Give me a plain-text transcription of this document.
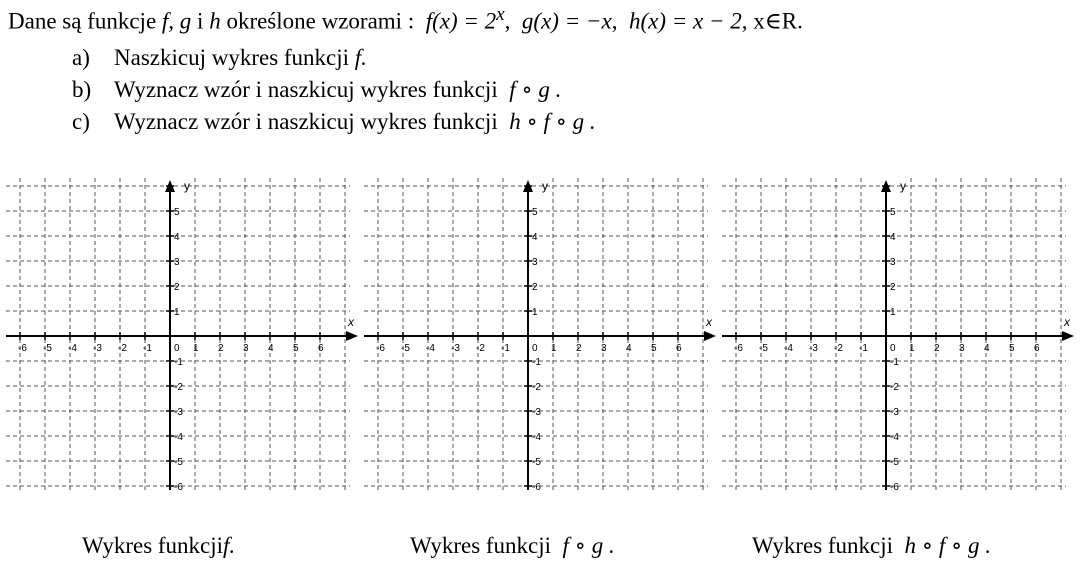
Dane są funkcje f, g i h określone wzorami : $f(x) = 2^x$,  g(x) = −x,  h(x) = x − 2, x∈R.
a) Naszkicuj wykres funkcji f.
b) Wyznacz wzór i naszkicuj wykres funkcji f ∘ g .
c) Wyznacz wzór i naszkicuj wykres funkcji h ∘ f ∘ g .
-6 -5 -4 -3 -2 -1	1 2 3 4 5 6
5
4
3
2
1
-1
-2
-3
-4
-5
-6
0
x
y
-6 -5 -4 -3 -2 -1	1 2 3 4 5 6
5
4
3
2
1
-1
-2
-3
-4
-5
-6
0
x
y
-6 -5 -4 -3 -2 -1	1 2 3 4 5 6
5
4
3
2
1
-1
-2
-3
-4
-5
-6
0
x
y
Wykres funkcjif.	Wykres funkcji f ∘ g .	Wykres funkcji h ∘ f ∘ g .
